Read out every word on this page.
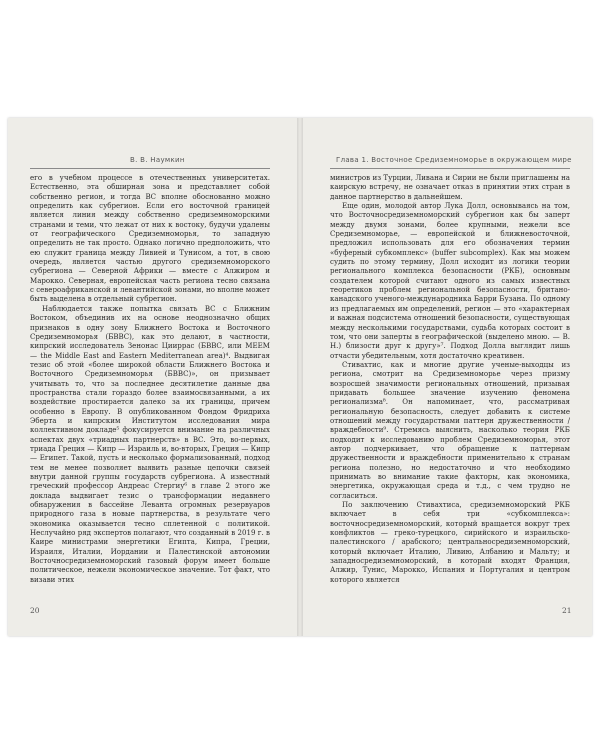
В. В. Наумкин

его в учебном процессе в отечественных университетах. Естественно, эта обширная зона и представляет собой собственно регион, и тогда ВС вполне обоснованно можно определить как субрегион. Если его восточной границей является линия между собственно средиземноморскими странами и теми, что лежат от них к востоку, будучи удалены от географического Средиземноморья, то западную определить не так просто. Однако логично предположить, что ею служит граница между Ливией и Тунисом, а тот, в свою очередь, является частью другого средиземноморского субрегиона — Северной Африки — вместе с Алжиром и Марокко. Северная, европейская часть региона тесно связана с североафриканской и левантийской зонами, но вполне может быть выделена в отдельный субрегион.

Наблюдается также попытка связать ВС с Ближним Востоком, объединив их на основе неоднозначно общих признаков в одну зону Ближнего Востока и Восточного Средиземноморья (БВВС), как это делают, в частности, кипрский исследователь Зенонас Цииррас (БВВС, или MEEM — the Middle East and Eastern Mediterranean area)⁴. Выдвигая тезис об этой «более широкой области Ближнего Востока и Восточного Средиземноморья (БВВС)», он призывает учитывать то, что за последнее десятилетие данные два пространства стали гораздо более взаимосвязанными, а их воздействие простирается далеко за их границы, причем особенно в Европу. В опубликованном Фондом Фридриха Эберта и кипрским Институтом исследования мира коллективном докладе⁵ фокусируется внимание на различных аспектах двух «триадных партнерств» в ВС. Это, во-первых, триада Греция — Кипр — Израиль и, во-вторых, Греция — Кипр — Египет. Такой, пусть и несколько формализованный, подход тем не менее позволяет выявить разные цепочки связей внутри данной группы государств субрегиона. А известный греческий профессор Андреас Стергиу⁶ в главе 2 этого же доклада выдвигает тезис о трансформации недавнего обнаружения в бассейне Леванта огромных резервуаров природного газа в новые партнерства, в результате чего экономика оказывается тесно сплетенной с политикой. Неслучайно ряд экспертов полагают, что созданный в 2019 г. в Каире министрами энергетики Египта, Кипра, Греции, Израиля, Италии, Иордании и Палестинской автономии Восточносредиземноморский газовый форум имеет больше политическое, нежели экономическое значение. Тот факт, что визави этих

20
Глава 1. Восточное Средиземноморье в окружающем мире

министров из Турции, Ливана и Сирии не были приглашены на каирскую встречу, не означает отказ в принятии этих стран в данное партнерство в дальнейшем.

Еще один, молодой автор Лука Долл, основываясь на том, что Восточносредиземноморский субрегион как бы заперт между двумя зонами, более крупными, нежели все Средиземноморье, — европейской и ближневосточной, предложил использовать для его обозначения термин «буферный субкомплекс» (buffer subcomplex). Как мы можем судить по этому термину, Долл исходит из логики теории регионального комплекса безопасности (РКБ), основным создателем которой считают одного из самых известных теоретиков проблем региональной безопасности, британо-канадского ученого-международника Барри Бузана. По одному из предлагаемых им определений, регион — это «характерная и важная подсистема отношений безопасности, существующая между несколькими государствами, судьба которых состоит в том, что они заперты в географической (выделено мною. — В. Н.) близости друг к другу»⁷. Подход Долла выглядит лишь отчасти убедительным, хотя достаточно креативен.

Стивахтис, как и многие другие ученые-выходцы из региона, смотрит на Средиземноморье через призму возросшей значимости региональных отношений, призывая придавать большее значение изучению феномена регионализма⁸. Он напоминает, что, рассматривая региональную безопасность, следует добавить к системе отношений между государствами паттерн дружественности / враждебности⁹. Стремясь выяснить, насколько теория РКБ подходит к исследованию проблем Средиземноморья, этот автор подчеркивает, что обращение к паттернам дружественности и враждебности применительно к странам региона полезно, но недостаточно и что необходимо принимать во внимание такие факторы, как экономика, энергетика, окружающая среда и т.д., с чем трудно не согласиться.

По заключению Стивахтиса, средиземноморский РКБ включает в себя три «субкомплекса»: восточносредиземноморский, который вращается вокруг трех конфликтов — греко-турецкого, сирийского и израильско-палестинского / арабского; центральносредиземноморский, который включает Италию, Ливию, Албанию и Мальту; и западносредиземноморский, в который входят Франция, Алжир, Тунис, Марокко, Испания и Португалия и центром которого является

21
